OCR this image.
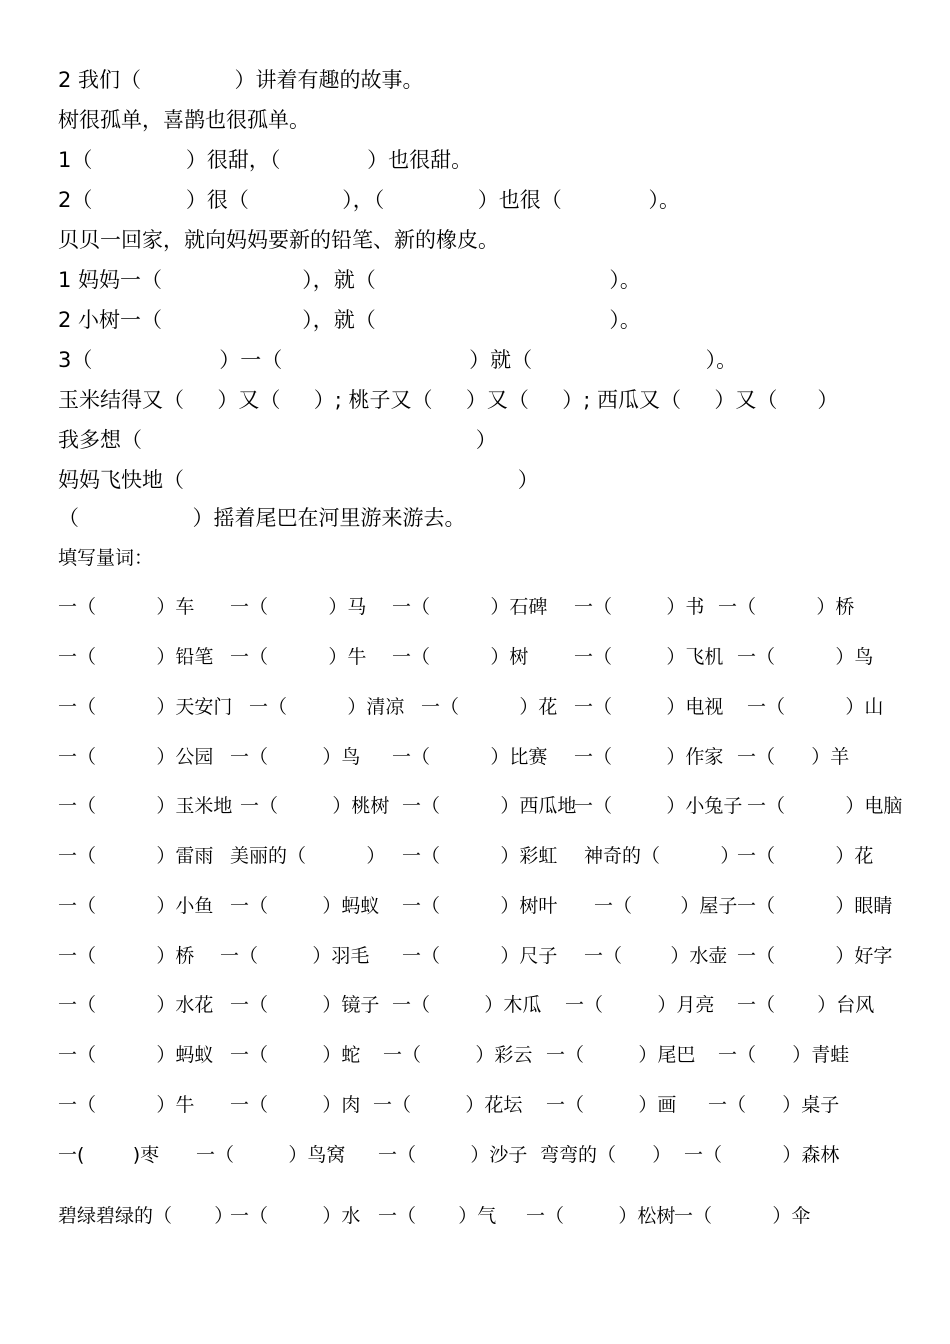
2 我们（              ）讲着有趣的故事。
树很孤单，喜鹊也很孤单。
1（              ）很甜，（             ）也很甜。
2（              ）很（              ），（              ）也很（             ）。
贝贝一回家，就向妈妈要新的铅笔、新的橡皮。
1 妈妈一（                     ），就（                                   ）。
2 小树一（                     ），就（                                   ）。
3（                   ）一（                            ）就（                          ）。
玉米结得又（     ）又（     ）; 桃子又（     ）又（     ）; 西瓜又（     ）又（      ）
我多想（                                                  ）
妈妈飞快地（                                                  ）
（                 ）摇着尾巴在河里游来游去。
填写量词：
一（          ）车 一（          ）马 一（          ）石碑 一（         ）书 一（          ）桥
一（          ）铅笔 一（          ）牛 一（          ）树 一（         ）飞机 一（          ）鸟
一（          ）天安门 一（          ）清凉 一（          ）花 一（         ）电视 一（          ）山
一（          ）公园 一（         ）鸟 一（          ）比赛 一（         ）作家 一（      ）羊
一（          ）玉米地 一（         ）桃树 一（          ）西瓜地
一（         ）小兔子 一（          ）电脑
一（          ）雷雨 美丽的（          ） 一（          ）彩虹 神奇的（          ）
一（          ）花
一（          ）小鱼 一（         ）蚂蚁 一（          ）树叶 一（        ）屋子 一（          ）眼睛
一（          ）桥 一（         ）羽毛 一（          ）尺子 一（        ）水壶 一（          ）好字
一（          ）水花 一（         ）镜子 一（         ）木瓜 一（         ）月亮 一（       ）台风
一（          ）蚂蚁 一（         ）蛇 一（         ）彩云 一（         ）尾巴 一（      ）青蛙
一（          ）牛 一（         ）肉 一（         ）花坛 一（         ）画 一（      ）桌子
一(        )枣 一（         ）鸟窝 一（         ）沙子 弯弯的（      ） 一（          ）森林
碧绿碧绿的（       ）
一（         ）水 一（       ）气 一（         ）松树
一（          ）伞
